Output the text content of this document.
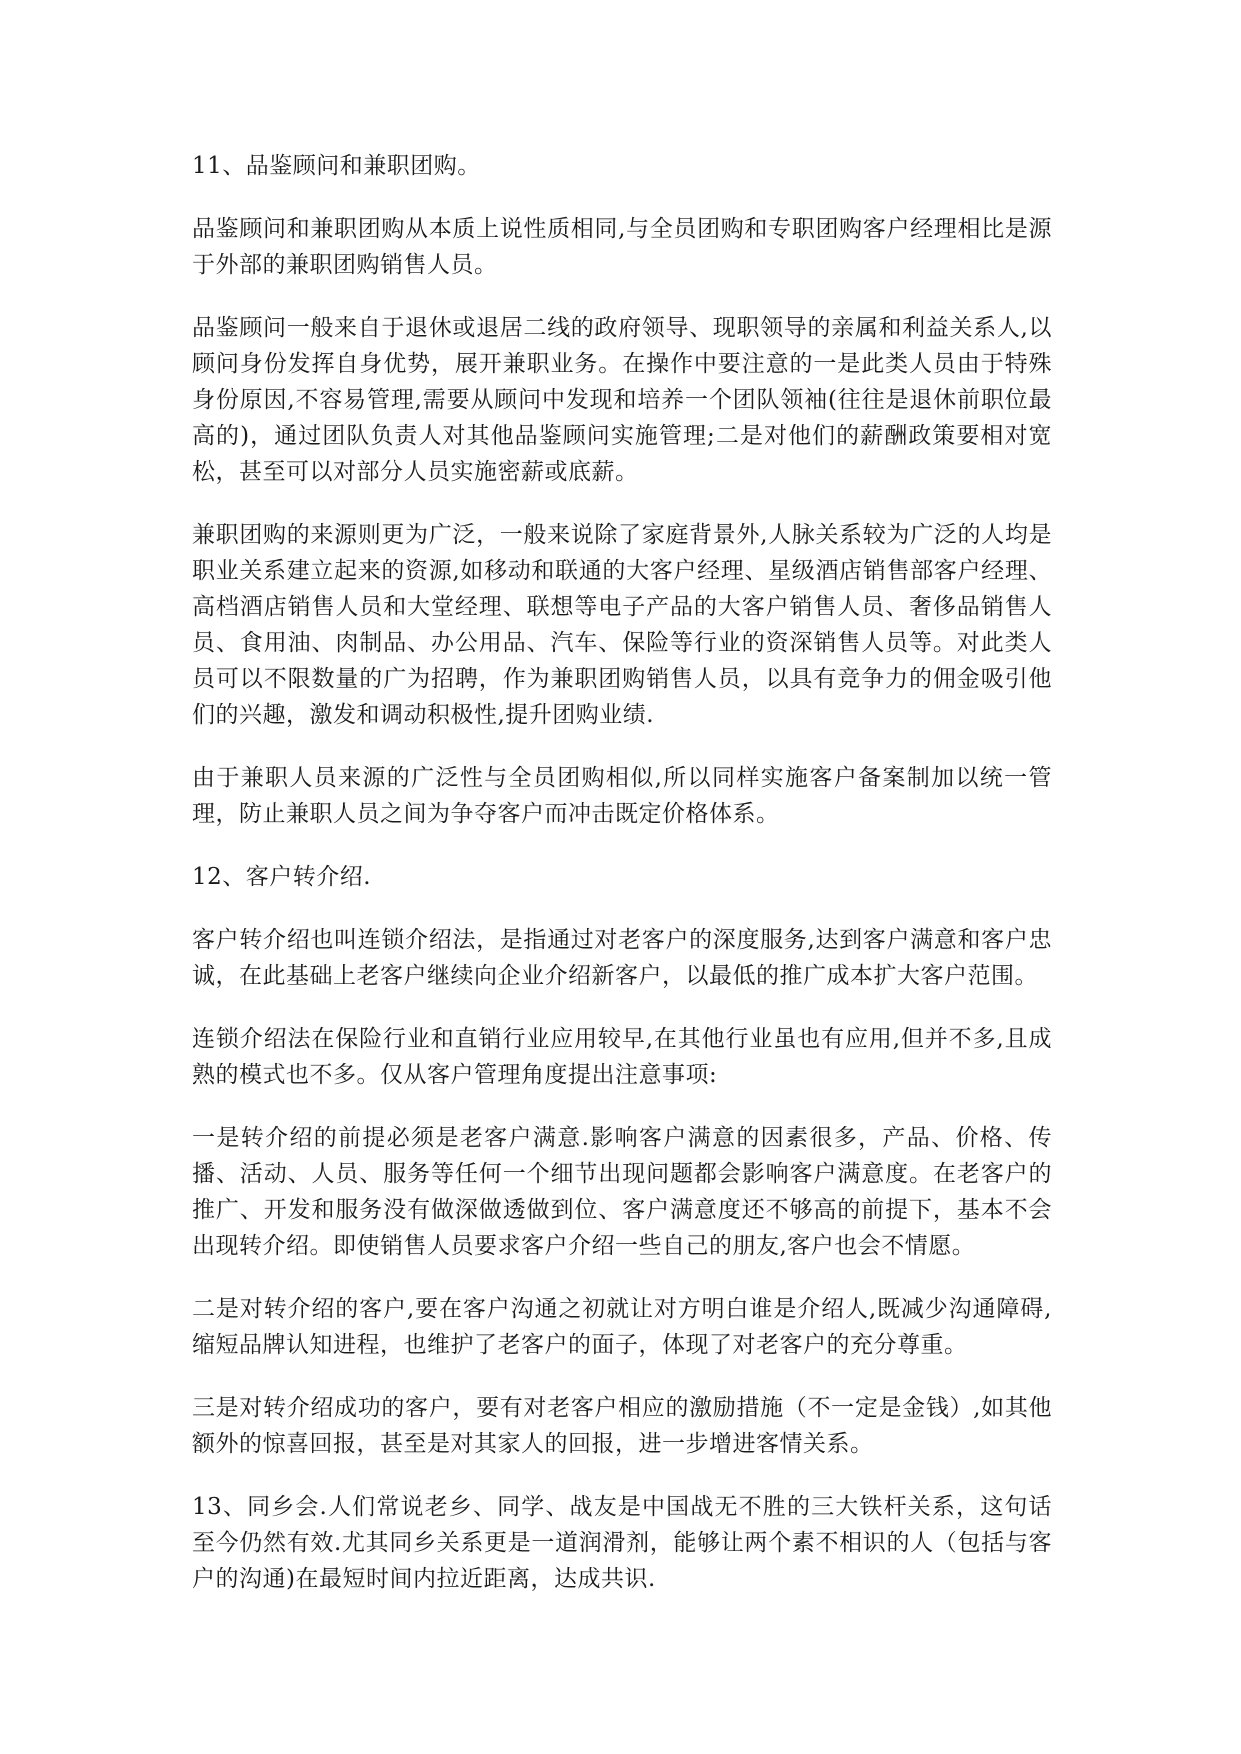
11、品鉴顾问和兼职团购。

品鉴顾问和兼职团购从本质上说性质相同,与全员团购和专职团购客户经理相比是源于外部的兼职团购销售人员。

品鉴顾问一般来自于退休或退居二线的政府领导、现职领导的亲属和利益关系人,以顾问身份发挥自身优势，展开兼职业务。在操作中要注意的一是此类人员由于特殊身份原因,不容易管理,需要从顾问中发现和培养一个团队领袖(往往是退休前职位最高的)，通过团队负责人对其他品鉴顾问实施管理;二是对他们的薪酬政策要相对宽松，甚至可以对部分人员实施密薪或底薪。

兼职团购的来源则更为广泛，一般来说除了家庭背景外,人脉关系较为广泛的人均是职业关系建立起来的资源,如移动和联通的大客户经理、星级酒店销售部客户经理、高档酒店销售人员和大堂经理、联想等电子产品的大客户销售人员、奢侈品销售人员、食用油、肉制品、办公用品、汽车、保险等行业的资深销售人员等。对此类人员可以不限数量的广为招聘，作为兼职团购销售人员，以具有竞争力的佣金吸引他们的兴趣，激发和调动积极性,提升团购业绩.

由于兼职人员来源的广泛性与全员团购相似,所以同样实施客户备案制加以统一管理，防止兼职人员之间为争夺客户而冲击既定价格体系。

12、客户转介绍.

客户转介绍也叫连锁介绍法，是指通过对老客户的深度服务,达到客户满意和客户忠诚，在此基础上老客户继续向企业介绍新客户，以最低的推广成本扩大客户范围。

连锁介绍法在保险行业和直销行业应用较早,在其他行业虽也有应用,但并不多,且成熟的模式也不多。仅从客户管理角度提出注意事项:

一是转介绍的前提必须是老客户满意.影响客户满意的因素很多，产品、价格、传播、活动、人员、服务等任何一个细节出现问题都会影响客户满意度。在老客户的推广、开发和服务没有做深做透做到位、客户满意度还不够高的前提下，基本不会出现转介绍。即使销售人员要求客户介绍一些自己的朋友,客户也会不情愿。

二是对转介绍的客户,要在客户沟通之初就让对方明白谁是介绍人,既减少沟通障碍,缩短品牌认知进程，也维护了老客户的面子，体现了对老客户的充分尊重。

三是对转介绍成功的客户，要有对老客户相应的激励措施（不一定是金钱）,如其他额外的惊喜回报，甚至是对其家人的回报，进一步增进客情关系。

13、同乡会.人们常说老乡、同学、战友是中国战无不胜的三大铁杆关系，这句话至今仍然有效.尤其同乡关系更是一道润滑剂，能够让两个素不相识的人（包括与客户的沟通)在最短时间内拉近距离，达成共识.
